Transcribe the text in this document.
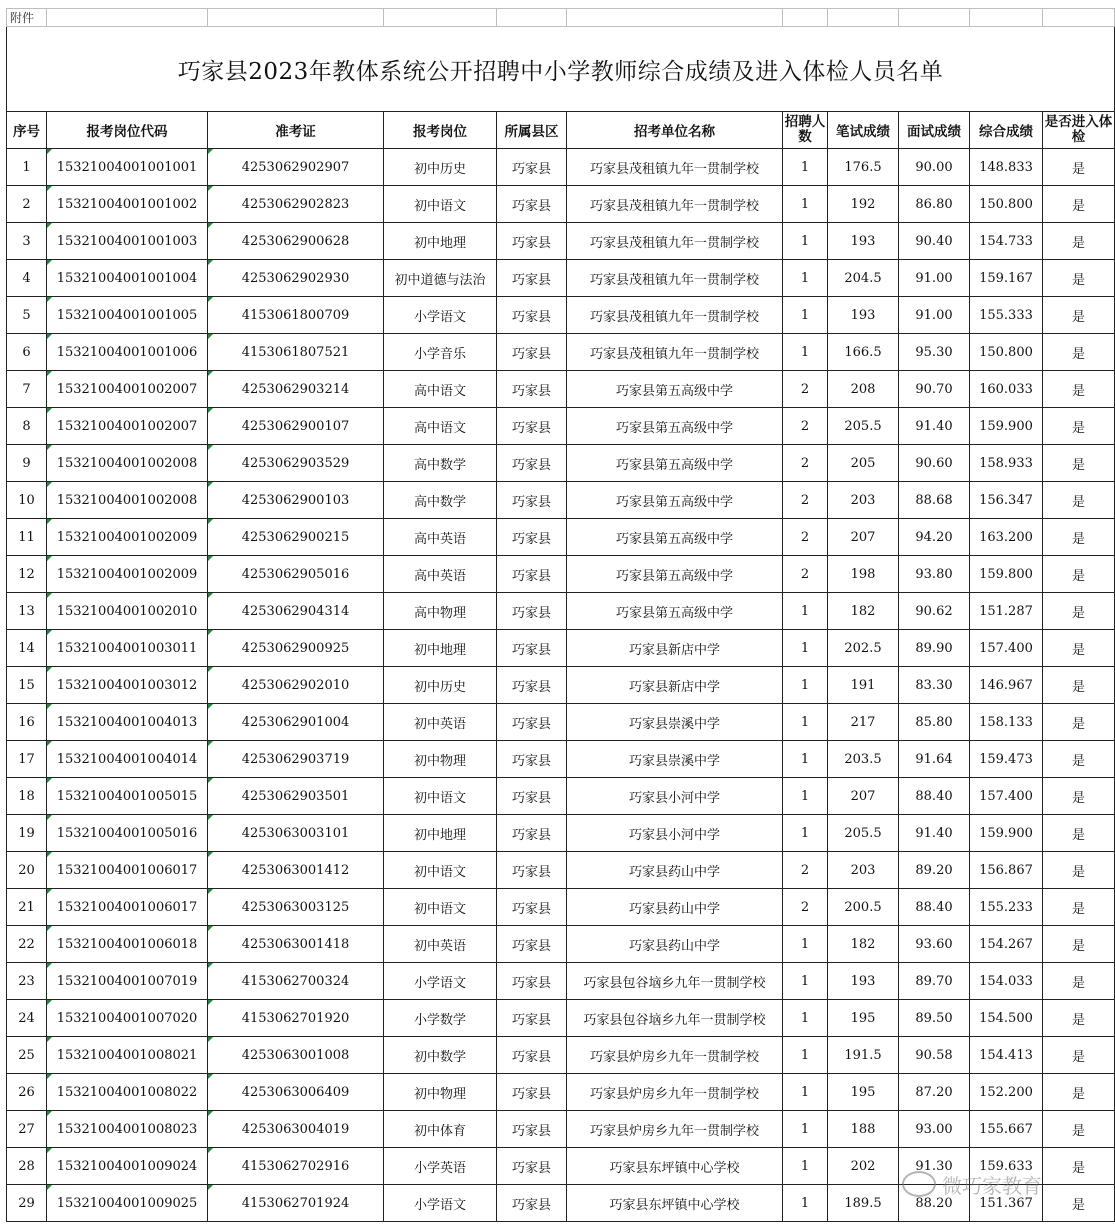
附件										
巧家县2023年教体系统公开招聘中小学教师综合成绩及进入体检人员名单										
序号	报考岗位代码	准考证	报考岗位	所属县区	招考单位名称	招聘人数	笔试成绩	面试成绩	综合成绩	是否进入体检
1	15321004001001001	4253062902907	初中历史	巧家县	巧家县茂租镇九年一贯制学校	1	176.5	90.00	148.833	是
2	15321004001001002	4253062902823	初中语文	巧家县	巧家县茂租镇九年一贯制学校	1	192	86.80	150.800	是
3	15321004001001003	4253062900628	初中地理	巧家县	巧家县茂租镇九年一贯制学校	1	193	90.40	154.733	是
4	15321004001001004	4253062902930	初中道德与法治	巧家县	巧家县茂租镇九年一贯制学校	1	204.5	91.00	159.167	是
5	15321004001001005	4153061800709	小学语文	巧家县	巧家县茂租镇九年一贯制学校	1	193	91.00	155.333	是
6	15321004001001006	4153061807521	小学音乐	巧家县	巧家县茂租镇九年一贯制学校	1	166.5	95.30	150.800	是
7	15321004001002007	4253062903214	高中语文	巧家县	巧家县第五高级中学	2	208	90.70	160.033	是
8	15321004001002007	4253062900107	高中语文	巧家县	巧家县第五高级中学	2	205.5	91.40	159.900	是
9	15321004001002008	4253062903529	高中数学	巧家县	巧家县第五高级中学	2	205	90.60	158.933	是
10	15321004001002008	4253062900103	高中数学	巧家县	巧家县第五高级中学	2	203	88.68	156.347	是
11	15321004001002009	4253062900215	高中英语	巧家县	巧家县第五高级中学	2	207	94.20	163.200	是
12	15321004001002009	4253062905016	高中英语	巧家县	巧家县第五高级中学	2	198	93.80	159.800	是
13	15321004001002010	4253062904314	高中物理	巧家县	巧家县第五高级中学	1	182	90.62	151.287	是
14	15321004001003011	4253062900925	初中地理	巧家县	巧家县新店中学	1	202.5	89.90	157.400	是
15	15321004001003012	4253062902010	初中历史	巧家县	巧家县新店中学	1	191	83.30	146.967	是
16	15321004001004013	4253062901004	初中英语	巧家县	巧家县崇溪中学	1	217	85.80	158.133	是
17	15321004001004014	4253062903719	初中物理	巧家县	巧家县崇溪中学	1	203.5	91.64	159.473	是
18	15321004001005015	4253062903501	初中语文	巧家县	巧家县小河中学	1	207	88.40	157.400	是
19	15321004001005016	4253063003101	初中地理	巧家县	巧家县小河中学	1	205.5	91.40	159.900	是
20	15321004001006017	4253063001412	初中语文	巧家县	巧家县药山中学	2	203	89.20	156.867	是
21	15321004001006017	4253063003125	初中语文	巧家县	巧家县药山中学	2	200.5	88.40	155.233	是
22	15321004001006018	4253063001418	初中英语	巧家县	巧家县药山中学	1	182	93.60	154.267	是
23	15321004001007019	4153062700324	小学语文	巧家县	巧家县包谷垴乡九年一贯制学校	1	193	89.70	154.033	是
24	15321004001007020	4153062701920	小学数学	巧家县	巧家县包谷垴乡九年一贯制学校	1	195	89.50	154.500	是
25	15321004001008021	4253063001008	初中数学	巧家县	巧家县炉房乡九年一贯制学校	1	191.5	90.58	154.413	是
26	15321004001008022	4253063006409	初中物理	巧家县	巧家县炉房乡九年一贯制学校	1	195	87.20	152.200	是
27	15321004001008023	4253063004019	初中体育	巧家县	巧家县炉房乡九年一贯制学校	1	188	93.00	155.667	是
28	15321004001009024	4153062702916	小学英语	巧家县	巧家县东坪镇中心学校	1	202	91.30	159.633	是
29	15321004001009025	4153062701924	小学语文	巧家县	巧家县东坪镇中心学校	1	189.5	88.20	151.367	是
微巧家教育
